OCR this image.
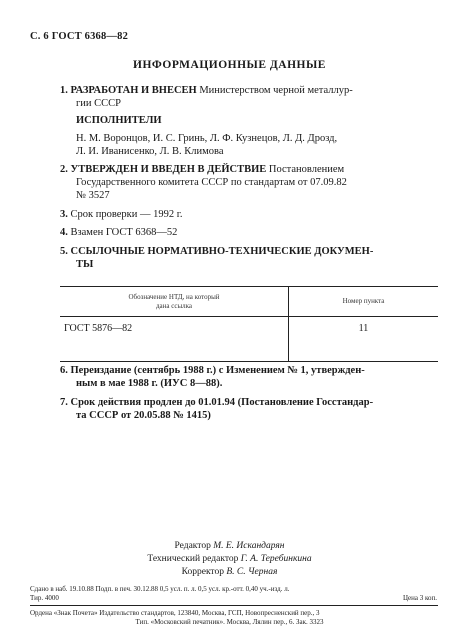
С. 6 ГОСТ 6368—82
ИНФОРМАЦИОННЫЕ ДАННЫЕ
1. РАЗРАБОТАН И ВНЕСЕН Министерством черной металлур-
гии СССР
ИСПОЛНИТЕЛИ
Н. М. Воронцов, И. С. Гринь, Л. Ф. Кузнецов, Л. Д. Дрозд,
Л. И. Иванисенко, Л. В. Климова
2. УТВЕРЖДЕН И ВВЕДЕН В ДЕЙСТВИЕ Постановлением
Государственного комитета СССР по стандартам от 07.09.82
№ 3527
3. Срок проверки — 1992 г.
4. Взамен ГОСТ 6368—52
5. ССЫЛОЧНЫЕ НОРМАТИВНО-ТЕХНИЧЕСКИЕ ДОКУМЕН-
ТЫ
Обозначение НТД, на который
дана ссылка	Номер пункта
ГОСТ 5876—82	11
6. Переиздание (сентябрь 1988 г.) с Изменением № 1, утвержден-
ным в мае 1988 г. (ИУС 8—88).
7. Срок действия продлен до 01.01.94 (Постановление Госстандар-
та СССР от 20.05.88 № 1415)
Редактор М. Е. Искандарян
Технический редактор Г. А. Теребинкина
Корректор В. С. Черная
Сдано в наб. 19.10.88 Подп. в печ. 30.12.88 0,5 усл. п. л. 0,5 усл. кр.-отт. 0,40 уч.-изд. л.
Тир. 4000	Цена 3 коп.
Ордена «Знак Почета» Издательство стандартов, 123840, Москва, ГСП, Новопресненский пер., 3
Тип. «Московский печатник». Москва, Лялин пер., 6. Зак. 3323
